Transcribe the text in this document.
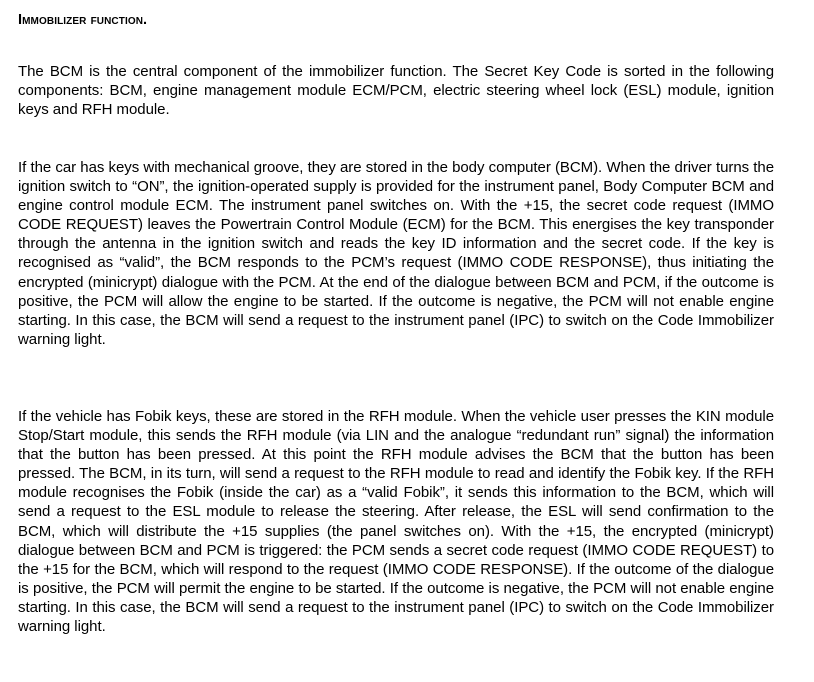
Immobilizer function.

The BCM is the central component of the immobilizer function. The Secret Key Code is sorted in the following components: BCM, engine management module ECM/PCM, electric steering wheel lock (ESL) module, ignition keys and RFH module.

If the car has keys with mechanical groove, they are stored in the body computer (BCM). When the driver turns the ignition switch to “ON”, the ignition-operated supply is provided for the instrument panel, Body Computer BCM and engine control module ECM. The instrument panel switches on. With the +15, the secret code request (IMMO CODE REQUEST) leaves the Powertrain Control Module (ECM) for the BCM. This energises the key transponder through the antenna in the ignition switch and reads the key ID information and the secret code. If the key is recognised as “valid”, the BCM responds to the PCM’s request (IMMO CODE RESPONSE), thus initiating the encrypted (minicrypt) dialogue with the PCM. At the end of the dialogue between BCM and PCM, if the outcome is positive, the PCM will allow the engine to be started. If the outcome is negative, the PCM will not enable engine starting. In this case, the BCM will send a request to the instrument panel (IPC) to switch on the Code Immobilizer warning light.

If the vehicle has Fobik keys, these are stored in the RFH module. When the vehicle user presses the KIN module Stop/Start module, this sends the RFH module (via LIN and the analogue “redundant run” signal) the information that the button has been pressed. At this point the RFH module advises the BCM that the button has been pressed. The BCM, in its turn, will send a request to the RFH module to read and identify the Fobik key. If the RFH module recognises the Fobik (inside the car) as a “valid Fobik”, it sends this information to the BCM, which will send a request to the ESL module to release the steering. After release, the ESL will send confirmation to the BCM, which will distribute the +15 supplies (the panel switches on). With the +15, the encrypted (minicrypt) dialogue between BCM and PCM is triggered: the PCM sends a secret code request (IMMO CODE REQUEST) to the +15 for the BCM, which will respond to the request (IMMO CODE RESPONSE). If the outcome of the dialogue is positive, the PCM will permit the engine to be started. If the outcome is negative, the PCM will not enable engine starting. In this case, the BCM will send a request to the instrument panel (IPC) to switch on the Code Immobilizer warning light.
